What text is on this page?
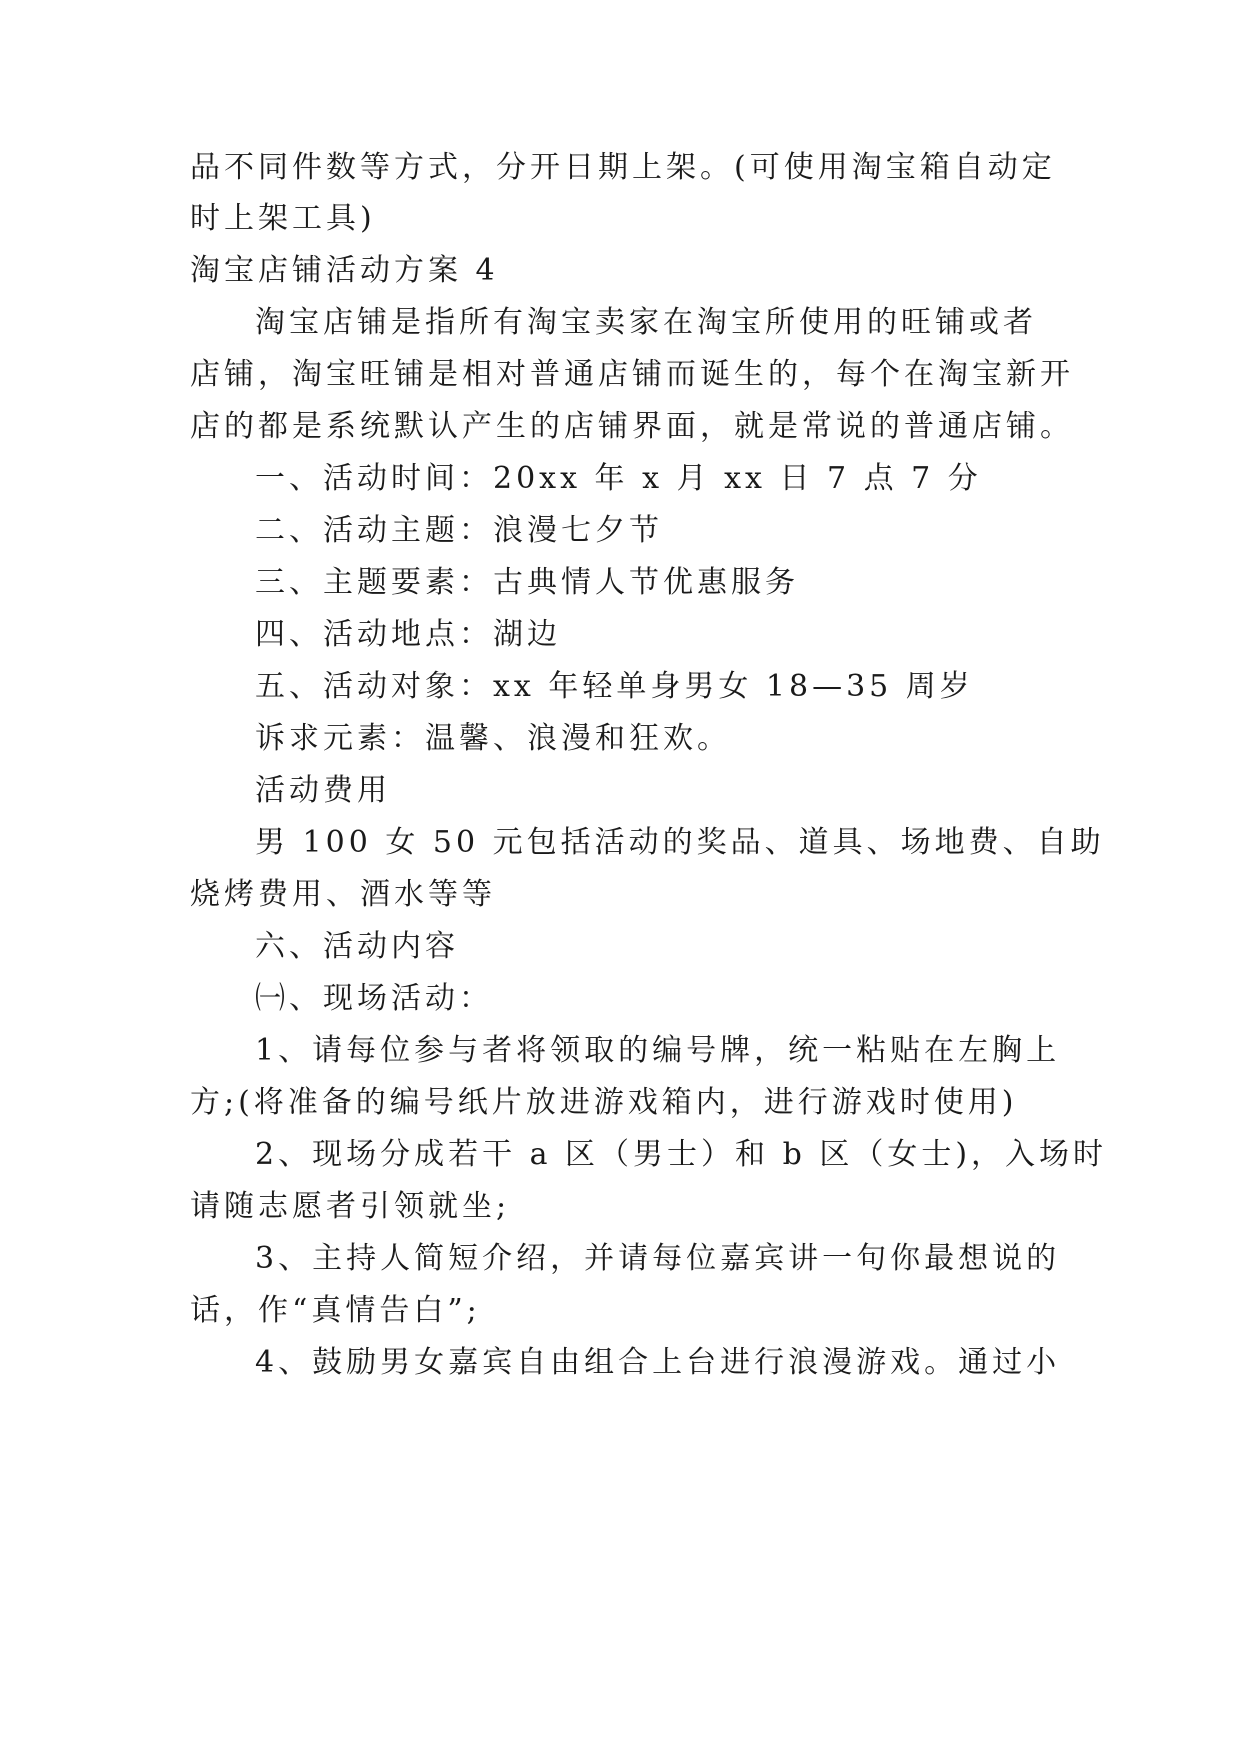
品不同件数等方式，分开日期上架。(可使用淘宝箱自动定
时上架工具)
淘宝店铺活动方案 4
淘宝店铺是指所有淘宝卖家在淘宝所使用的旺铺或者
店铺，淘宝旺铺是相对普通店铺而诞生的，每个在淘宝新开
店的都是系统默认产生的店铺界面，就是常说的普通店铺。
一、活动时间：20xx 年 x 月 xx 日 7 点 7 分
二、活动主题：浪漫七夕节
三、主题要素：古典情人节优惠服务
四、活动地点：湖边
五、活动对象：xx 年轻单身男女 18—35 周岁
诉求元素：温馨、浪漫和狂欢。
活动费用
男 100 女 50 元包括活动的奖品、道具、场地费、自助
烧烤费用、酒水等等
六、活动内容
㈠、现场活动：
1、请每位参与者将领取的编号牌，统一粘贴在左胸上
方;(将准备的编号纸片放进游戏箱内，进行游戏时使用)
2、现场分成若干 a 区（男士）和 b 区（女士)，入场时
请随志愿者引领就坐;
3、主持人简短介绍，并请每位嘉宾讲一句你最想说的
话，作“真情告白”;
4、鼓励男女嘉宾自由组合上台进行浪漫游戏。通过小
